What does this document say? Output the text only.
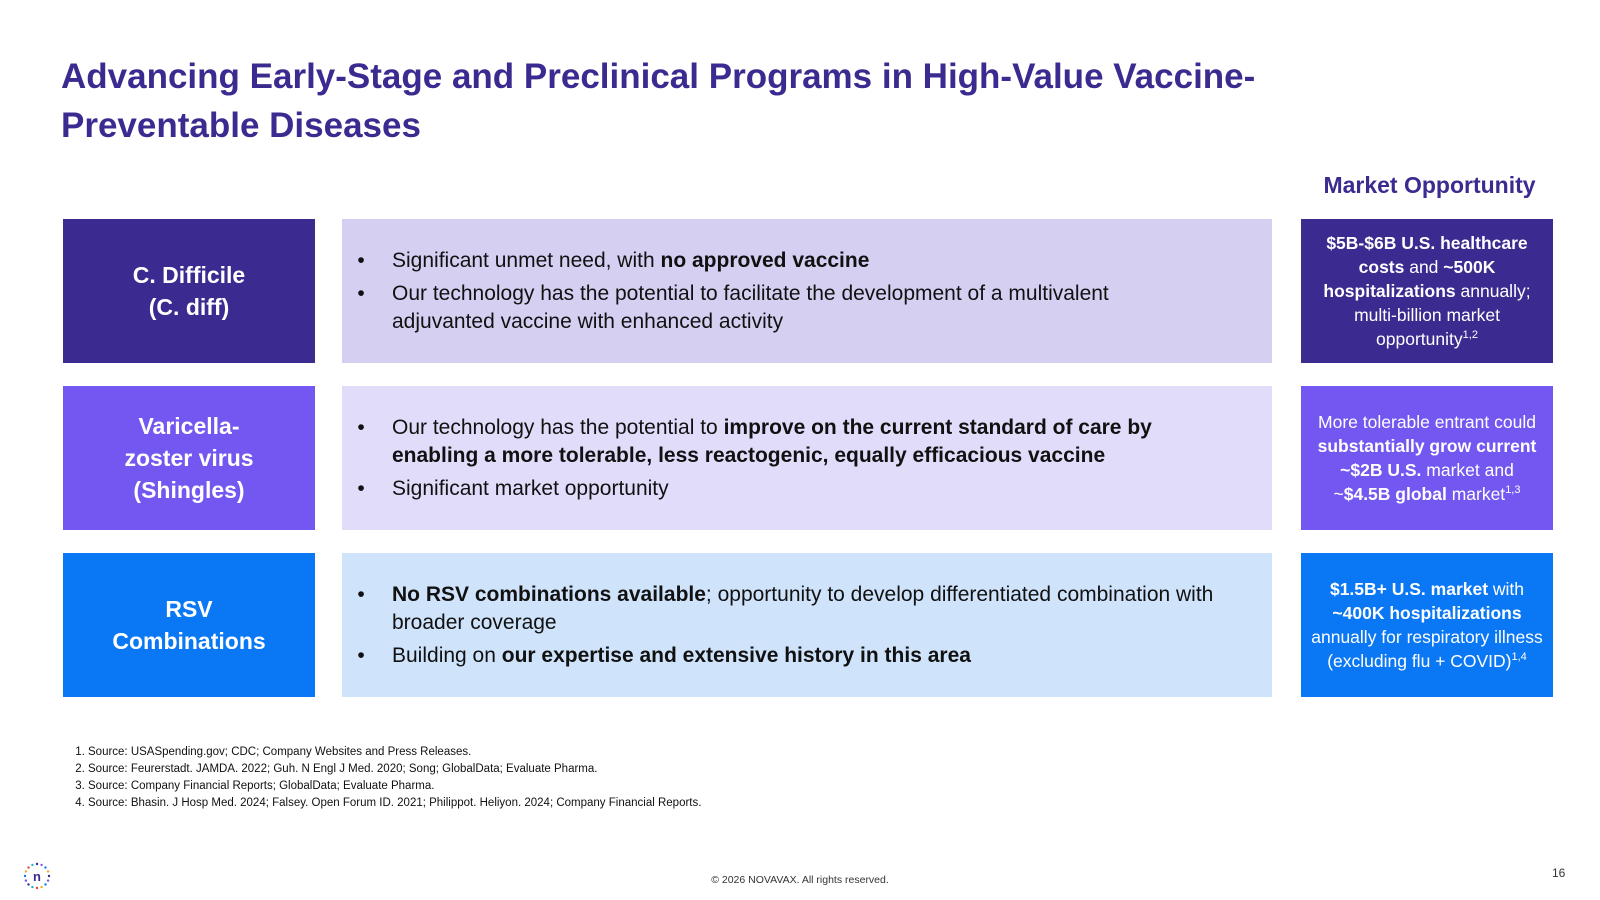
Advancing Early-Stage and Preclinical Programs in High-Value Vaccine-Preventable Diseases
Market Opportunity
C. Difficile
(C. diff)
• Significant unmet need, with no approved vaccine
• Our technology has the potential to facilitate the development of a multivalent adjuvanted vaccine with enhanced activity
$5B-$6B U.S. healthcare costs and ~500K hospitalizations annually; multi-billion market opportunity$^{1,2}$
Varicella-
zoster virus
(Shingles)
• Our technology has the potential to improve on the current standard of care by enabling a more tolerable, less reactogenic, equally efficacious vaccine
• Significant market opportunity
More tolerable entrant could substantially grow current ~$2B U.S. market and ~$4.5B global market$^{1,3}$
RSV
Combinations
• No RSV combinations available; opportunity to develop differentiated combination with broader coverage
• Building on our expertise and extensive history in this area
$1.5B+ U.S. market with ~400K hospitalizations annually for respiratory illness (excluding flu + COVID)$^{1,4}$
1. Source: USASpending.gov; CDC; Company Websites and Press Releases.
2. Source: Feurerstadt. JAMDA. 2022; Guh. N Engl J Med. 2020; Song; GlobalData; Evaluate Pharma.
3. Source: Company Financial Reports; GlobalData; Evaluate Pharma.
4. Source: Bhasin. J Hosp Med. 2024; Falsey. Open Forum ID. 2021; Philippot. Heliyon. 2024; Company Financial Reports.
n	© 2026 NOVAVAX. All rights reserved.	16
